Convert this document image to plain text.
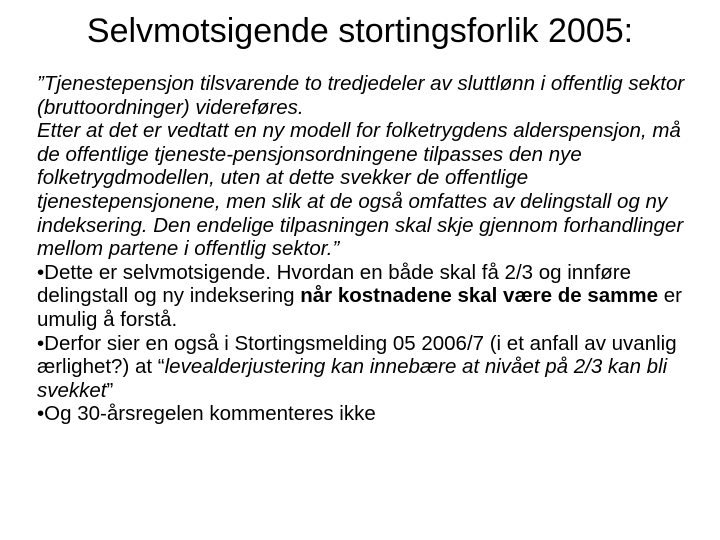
Selvmotsigende stortingsforlik 2005:

”Tjenestepensjon tilsvarende to tredjedeler av sluttlønn i offentlig sektor (bruttoordninger) videreføres.

Etter at det er vedtatt en ny modell for folketrygdens alderspensjon, må de offentlige tjeneste-pensjonsordningene tilpasses den nye folketrygdmodellen, uten at dette svekker de offentlige tjenestepensjonene, men slik at de også omfattes av delingstall og ny indeksering. Den endelige tilpasningen skal skje gjennom forhandlinger mellom partene i offentlig sektor.”

•Dette er selvmotsigende. Hvordan en både skal få 2/3 og innføre delingstall og ny indeksering når kostnadene skal være de samme er umulig å forstå.

•Derfor sier en også i Stortingsmelding 05 2006/7 (i et anfall av uvanlig ærlighet?) at “levealderjustering kan innebære at nivået på 2/3 kan bli svekket”

•Og 30-årsregelen kommenteres ikke
